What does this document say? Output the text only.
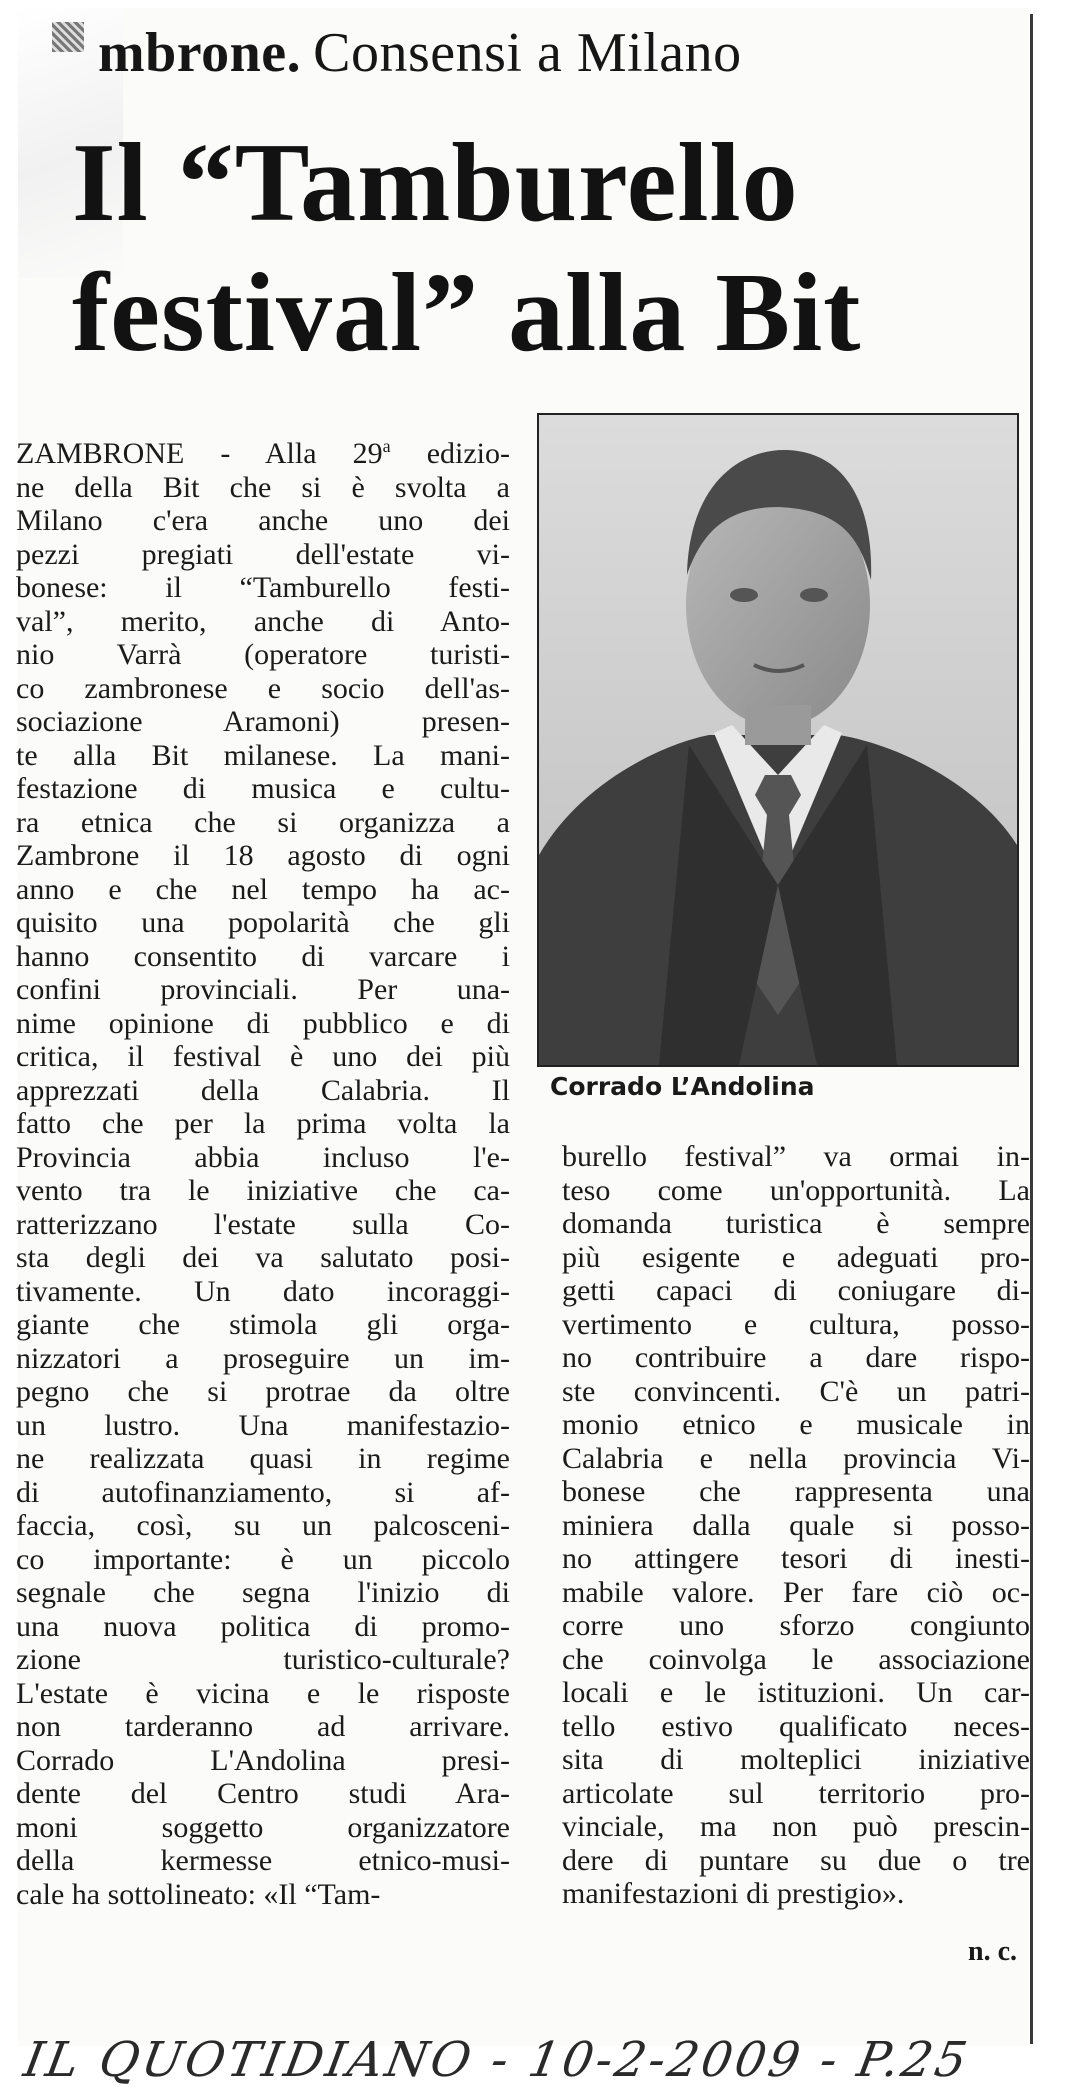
mbrone. Consensi a Milano
Il “Tamburello
festival” alla Bit
ZAMBRONE - Alla 29$^a$ edizio-
ne della Bit che si è svolta a
Milano c'era anche uno dei
pezzi pregiati dell'estate vi-
bonese: il “Tamburello festi-
val”, merito, anche di Anto-
nio Varrà (operatore turisti-
co zambronese e socio dell'as-
sociazione Aramoni) presen-
te alla Bit milanese. La mani-
festazione di musica e cultu-
ra etnica che si organizza a
Zambrone il 18 agosto di ogni
anno e che nel tempo ha ac-
quisito una popolarità che gli
hanno consentito di varcare i
confini provinciali. Per una-
nime opinione di pubblico e di
critica, il festival è uno dei più
apprezzati della Calabria. Il
fatto che per la prima volta la
Provincia abbia incluso l'e-
vento tra le iniziative che ca-
ratterizzano l'estate sulla Co-
sta degli dei va salutato posi-
tivamente. Un dato incoraggi-
giante che stimola gli orga-
nizzatori a proseguire un im-
pegno che si protrae da oltre
un lustro. Una manifestazio-
ne realizzata quasi in regime
di autofinanziamento, si af-
faccia, così, su un palcosceni-
co importante: è un piccolo
segnale che segna l'inizio di
una nuova politica di promo-
zione turistico-culturale?
L'estate è vicina e le risposte
non tarderanno ad arrivare.
Corrado L'Andolina presi-
dente del Centro studi Ara-
moni soggetto organizzatore
della kermesse etnico-musi-
cale ha sottolineato: «Il “Tam-
Corrado L’Andolina
burello festival” va ormai in-
teso come un'opportunità. La
domanda turistica è sempre
più esigente e adeguati pro-
getti capaci di coniugare di-
vertimento e cultura, posso-
no contribuire a dare rispo-
ste convincenti. C'è un patri-
monio etnico e musicale in
Calabria e nella provincia Vi-
bonese che rappresenta una
miniera dalla quale si posso-
no attingere tesori di inesti-
mabile valore. Per fare ciò oc-
corre uno sforzo congiunto
che coinvolga le associazione
locali e le istituzioni. Un car-
tello estivo qualificato neces-
sita di molteplici iniziative
articolate sul territorio pro-
vinciale, ma non può prescin-
dere di puntare su due o tre
manifestazioni di prestigio».
n. c.
IL QUOTIDIANO - 10-2-2009 - P.25
